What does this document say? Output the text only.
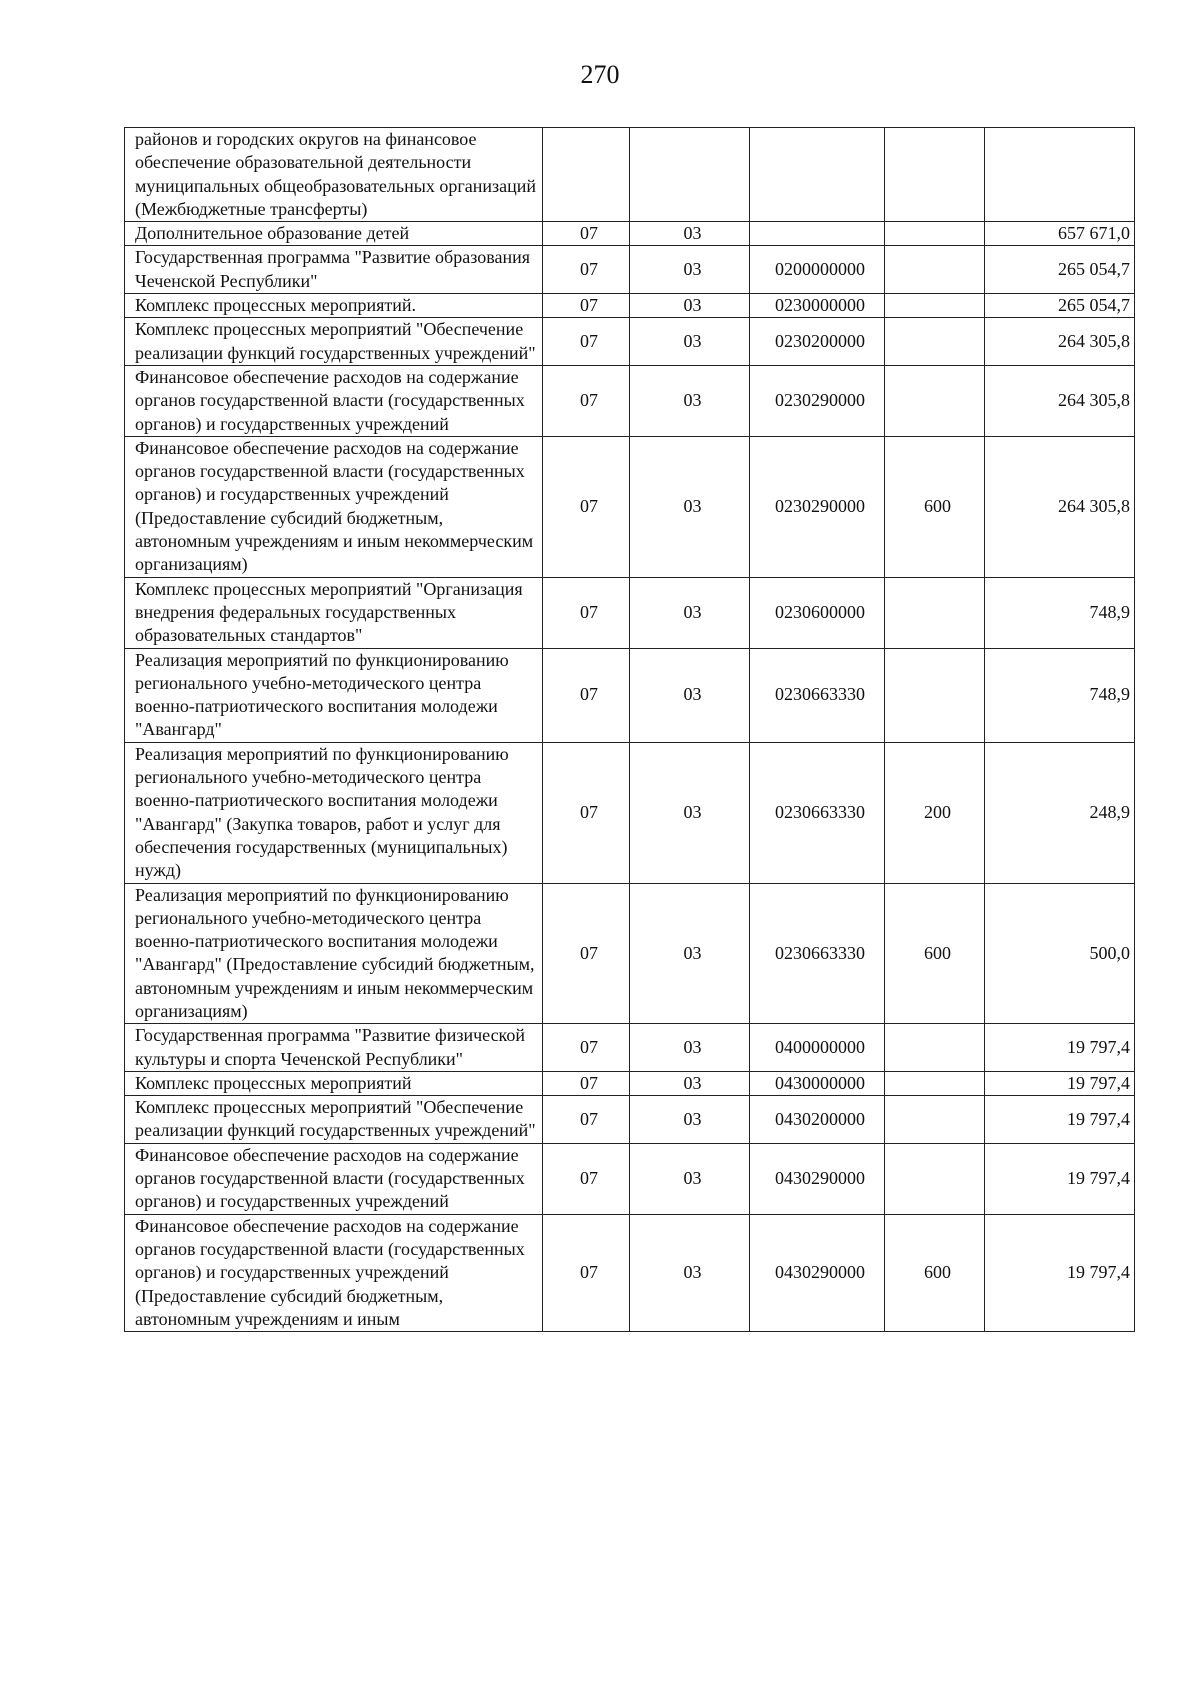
270
районов и городских округов на финансовое обеспечение образовательной деятельности муниципальных общеобразовательных организаций (Межбюджетные трансферты)					
Дополнительное образование детей	07	03			657 671,0
Государственная программа "Развитие образования Чеченской Республики"	07	03	0200000000		265 054,7
Комплекс процессных мероприятий.	07	03	0230000000		265 054,7
Комплекс процессных мероприятий "Обеспечение реализации функций государственных учреждений"	07	03	0230200000		264 305,8
Финансовое обеспечение расходов на содержание органов государственной власти (государственных органов) и государственных учреждений	07	03	0230290000		264 305,8
Финансовое обеспечение расходов на содержание органов государственной власти (государственных органов) и государственных учреждений (Предоставление субсидий бюджетным, автономным учреждениям и иным некоммерческим организациям)	07	03	0230290000	600	264 305,8
Комплекс процессных мероприятий "Организация внедрения федеральных государственных образовательных стандартов"	07	03	0230600000		748,9
Реализация мероприятий по функционированию регионального учебно-методического центра военно-патриотического воспитания молодежи "Авангард"	07	03	0230663330		748,9
Реализация мероприятий по функционированию регионального учебно-методического центра военно-патриотического воспитания молодежи "Авангард" (Закупка товаров, работ и услуг для обеспечения государственных (муниципальных) нужд)	07	03	0230663330	200	248,9
Реализация мероприятий по функционированию регионального учебно-методического центра военно-патриотического воспитания молодежи "Авангард" (Предоставление субсидий бюджетным, автономным учреждениям и иным некоммерческим организациям)	07	03	0230663330	600	500,0
Государственная программа "Развитие физической культуры и спорта Чеченской Республики"	07	03	0400000000		19 797,4
Комплекс процессных мероприятий	07	03	0430000000		19 797,4
Комплекс процессных мероприятий "Обеспечение реализации функций государственных учреждений"	07	03	0430200000		19 797,4
Финансовое обеспечение расходов на содержание органов государственной власти (государственных органов) и государственных учреждений	07	03	0430290000		19 797,4
Финансовое обеспечение расходов на содержание органов государственной власти (государственных органов) и государственных учреждений (Предоставление субсидий бюджетным, автономным учреждениям и иным	07	03	0430290000	600	19 797,4
